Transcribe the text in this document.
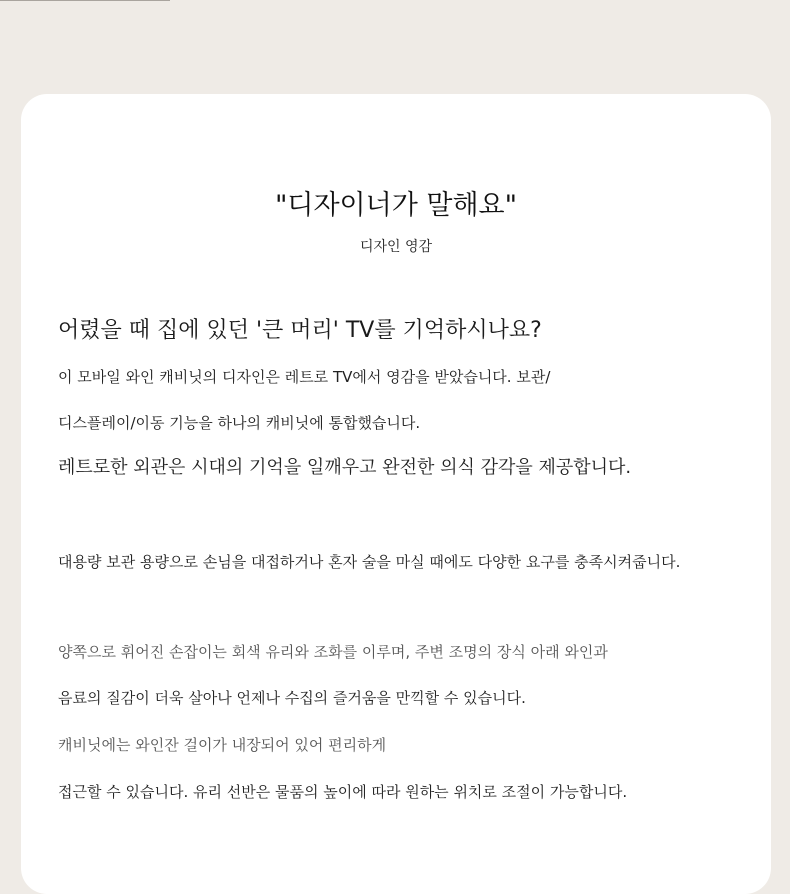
"디자이너가 말해요"

디자인 영감

어렸을 때 집에 있던 '큰 머리' TV를 기억하시나요?

이 모바일 와인 캐비닛의 디자인은 레트로 TV에서 영감을 받았습니다. 보관/

디스플레이/이동 기능을 하나의 캐비닛에 통합했습니다.

레트로한 외관은 시대의 기억을 일깨우고 완전한 의식 감각을 제공합니다.

대용량 보관 용량으로 손님을 대접하거나 혼자 술을 마실 때에도 다양한 요구를 충족시켜줍니다.

양쪽으로 휘어진 손잡이는 회색 유리와 조화를 이루며, 주변 조명의 장식 아래 와인과

음료의 질감이 더욱 살아나 언제나 수집의 즐거움을 만끽할 수 있습니다.

캐비닛에는 와인잔 걸이가 내장되어 있어 편리하게

접근할 수 있습니다. 유리 선반은 물품의 높이에 따라 원하는 위치로 조절이 가능합니다.
